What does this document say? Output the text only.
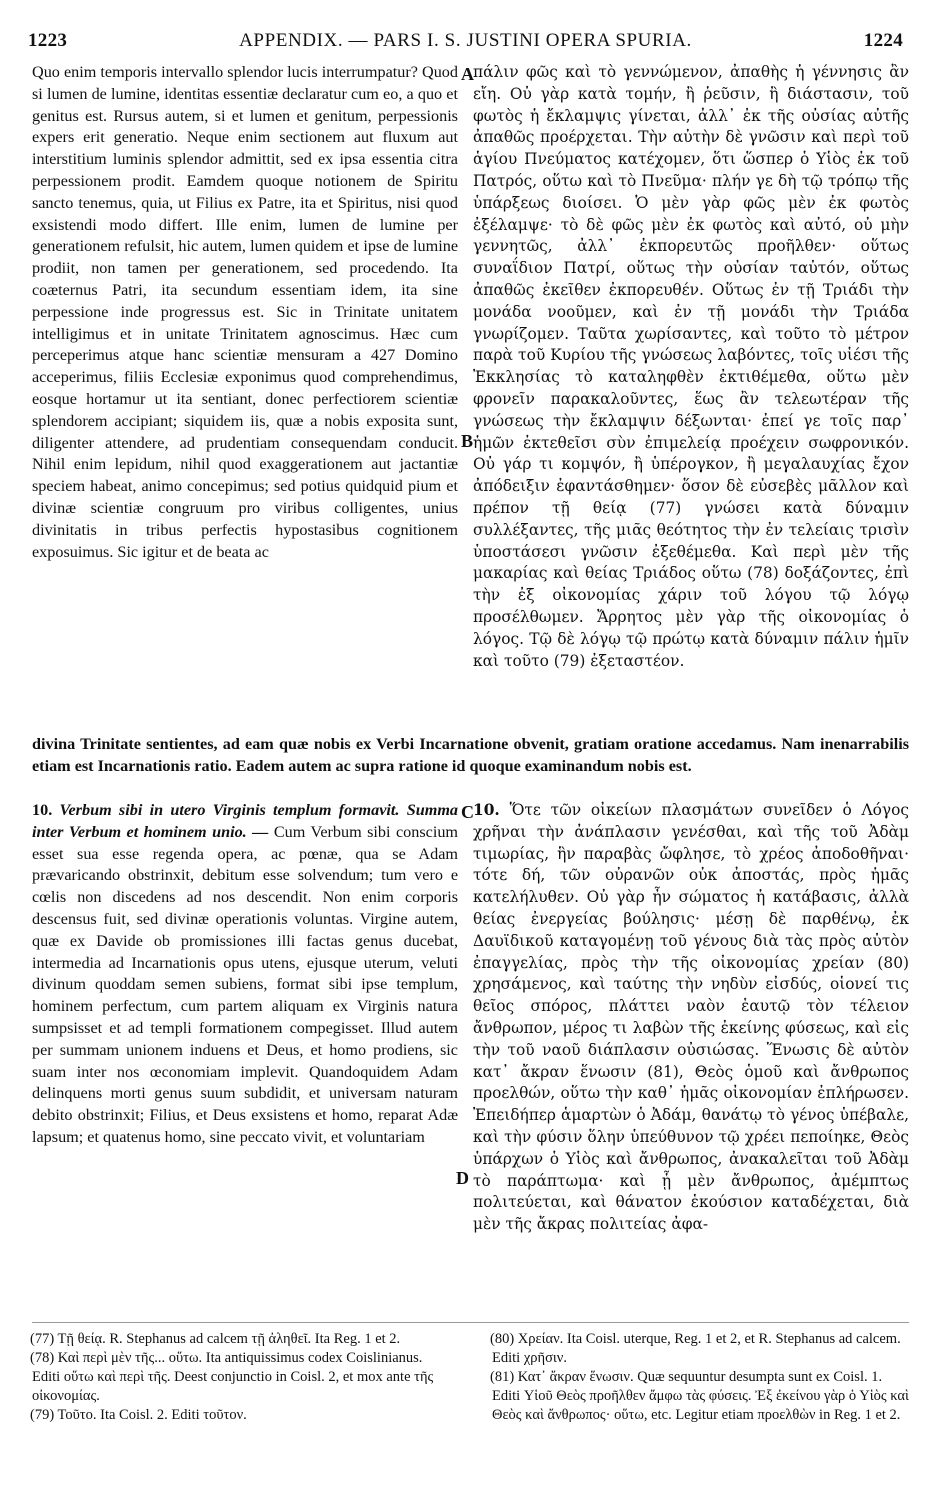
1223	APPENDIX. — PARS I. S. JUSTINI OPERA SPURIA.	1224
A
B
C
D

Quo enim temporis intervallo splendor lucis interrumpatur? Quod si lumen de lumine, identitas essentiæ declaratur cum eo, a quo et genitus est. Rursus autem, si et lumen et genitum, perpessionis expers erit generatio. Neque enim sectionem aut fluxum aut interstitium luminis splendor admittit, sed ex ipsa essentia citra perpessionem prodit. Eamdem quoque notionem de Spiritu sancto tenemus, quia, ut Filius ex Patre, ita et Spiritus, nisi quod exsistendi modo differt. Ille enim, lumen de lumine per generationem refulsit, hic autem, lumen quidem et ipse de lumine prodiit, non tamen per generationem, sed procedendo. Ita coæternus Patri, ita secundum essentiam idem, ita sine perpessione inde progressus est. Sic in Trinitate unitatem intelligimus et in unitate Trinitatem agnoscimus. Hæc cum perceperimus atque hanc scientiæ mensuram a 427 Domino acceperimus, filiis Ecclesiæ exponimus quod comprehendimus, eosque hortamur ut ita sentiant, donec perfectiorem scientiæ splendorem accipiant; siquidem iis, quæ a nobis exposita sunt, diligenter attendere, ad prudentiam consequendam conducit. Nihil enim lepidum, nihil quod exaggerationem aut jactantiæ speciem habeat, animo concepimus; sed potius quidquid pium et divinæ scientiæ congruum pro viribus colligentes, unius divinitatis in tribus perfectis hypostasibus cognitionem exposuimus. Sic igitur et de beata ac

πάλιν φῶς καὶ τὸ γεννώμενον, ἀπαθὴς ἡ γέννησις ἂν εἴη. Οὐ γὰρ κατὰ τομήν, ἢ ῥεῦσιν, ἢ διάστασιν, τοῦ φωτὸς ἡ ἔκλαμψις γίνεται, ἀλλ᾽ ἐκ τῆς οὐσίας αὐτῆς ἀπαθῶς προέρχεται. Τὴν αὐτὴν δὲ γνῶσιν καὶ περὶ τοῦ ἁγίου Πνεύματος κατέχομεν, ὅτι ὥσπερ ὁ Υἱὸς ἐκ τοῦ Πατρός, οὕτω καὶ τὸ Πνεῦμα· πλήν γε δὴ τῷ τρόπῳ τῆς ὑπάρξεως διοίσει. Ὁ μὲν γὰρ φῶς μὲν ἐκ φωτὸς ἐξέλαμψε· τὸ δὲ φῶς μὲν ἐκ φωτὸς καὶ αὐτό, οὐ μὴν γεννητῶς, ἀλλ᾽ ἐκπορευτῶς προῆλθεν· οὕτως συναΐδιον Πατρί, οὕτως τὴν οὐσίαν ταὐτόν, οὕτως ἀπαθῶς ἐκεῖθεν ἐκπορευθέν. Οὕτως ἐν τῇ Τριάδι τὴν μονάδα νοοῦμεν, καὶ ἐν τῇ μονάδι τὴν Τριάδα γνωρίζομεν. Ταῦτα χωρίσαντες, καὶ τοῦτο τὸ μέτρον παρὰ τοῦ Κυρίου τῆς γνώσεως λαβόντες, τοῖς υἱέσι τῆς Ἐκκλησίας τὸ καταληφθὲν ἐκτιθέμεθα, οὕτω μὲν φρονεῖν παρακαλοῦντες, ἕως ἂν τελεωτέραν τῆς γνώσεως τὴν ἔκλαμψιν δέξωνται· ἐπεί γε τοῖς παρ᾽ ἡμῶν ἐκτεθεῖσι σὺν ἐπιμελείᾳ προέχειν σωφρονικόν. Οὐ γάρ τι κομψόν, ἢ ὑπέρογκον, ἢ μεγαλαυχίας ἔχον ἀπόδειξιν ἐφαντάσθημεν· ὅσον δὲ εὐσεβὲς μᾶλλον καὶ πρέπον τῇ θείᾳ (77) γνώσει κατὰ δύναμιν συλλέξαντες, τῆς μιᾶς θεότητος τὴν ἐν τελείαις τρισὶν ὑποστάσεσι γνῶσιν ἐξεθέμεθα. Καὶ περὶ μὲν τῆς μακαρίας καὶ θείας Τριάδος οὕτω (78) δοξάζοντες, ἐπὶ τὴν ἐξ οἰκονομίας χάριν τοῦ λόγου τῷ λόγῳ προσέλθωμεν. Ἄρρητος μὲν γὰρ τῆς οἰκονομίας ὁ λόγος. Τῷ δὲ λόγῳ τῷ πρώτῳ κατὰ δύναμιν πάλιν ἡμῖν καὶ τοῦτο (79) ἐξεταστέον.

divina Trinitate sentientes, ad eam quæ nobis ex Verbi Incarnatione obvenit, gratiam oratione accedamus. Nam inenarrabilis etiam est Incarnationis ratio. Eadem autem ac supra ratione id quoque examinandum nobis est.

10. Verbum sibi in utero Virginis templum formavit. Summa inter Verbum et hominem unio. — Cum Verbum sibi conscium esset sua esse regenda opera, ac pœnæ, qua se Adam prævaricando obstrinxit, debitum esse solvendum; tum vero e cœlis non discedens ad nos descendit. Non enim corporis descensus fuit, sed divinæ operationis voluntas. Virgine autem, quæ ex Davide ob promissiones illi factas genus ducebat, intermedia ad Incarnationis opus utens, ejusque uterum, veluti divinum quoddam semen subiens, format sibi ipse templum, hominem perfectum, cum partem aliquam ex Virginis natura sumpsisset et ad templi formationem compegisset. Illud autem per summam unionem induens et Deus, et homo prodiens, sic suam inter nos œconomiam implevit. Quandoquidem Adam delinquens morti genus suum subdidit, et universam naturam debito obstrinxit; Filius, et Deus exsistens et homo, reparat Adæ lapsum; et quatenus homo, sine peccato vivit, et voluntariam

10. Ὅτε τῶν οἰκείων πλασμάτων συνεῖδεν ὁ Λόγος χρῆναι τὴν ἀνάπλασιν γενέσθαι, καὶ τῆς τοῦ Ἀδὰμ τιμωρίας, ἣν παραβὰς ὤφλησε, τὸ χρέος ἀποδοθῆναι· τότε δή, τῶν οὐρανῶν οὐκ ἀποστάς, πρὸς ἡμᾶς κατελήλυθεν. Οὐ γὰρ ἦν σώματος ἡ κατάβασις, ἀλλὰ θείας ἐνεργείας βούλησις· μέσῃ δὲ παρθένῳ, ἐκ Δαυϊδικοῦ καταγομένῃ τοῦ γένους διὰ τὰς πρὸς αὐτὸν ἐπαγγελίας, πρὸς τὴν τῆς οἰκονομίας χρείαν (80) χρησάμενος, καὶ ταύτης τὴν νηδὺν εἰσδύς, οἱονεί τις θεῖος σπόρος, πλάττει ναὸν ἑαυτῷ τὸν τέλειον ἄνθρωπον, μέρος τι λαβὼν τῆς ἐκείνης φύσεως, καὶ εἰς τὴν τοῦ ναοῦ διάπλασιν οὐσιώσας. Ἕνωσις δὲ αὐτὸν κατ᾽ ἄκραν ἕνωσιν (81), Θεὸς ὁμοῦ καὶ ἄνθρωπος προελθών, οὕτω τὴν καθ᾽ ἡμᾶς οἰκονομίαν ἐπλήρωσεν. Ἐπειδήπερ ἁμαρτὼν ὁ Ἀδάμ, θανάτῳ τὸ γένος ὑπέβαλε, καὶ τὴν φύσιν ὅλην ὑπεύθυνον τῷ χρέει πεποίηκε, Θεὸς ὑπάρχων ὁ Υἱὸς καὶ ἄνθρωπος, ἀνακαλεῖται τοῦ Ἀδὰμ τὸ παράπτωμα· καὶ ᾗ μὲν ἄνθρωπος, ἀμέμπτως πολιτεύεται, καὶ θάνατον ἑκούσιον καταδέχεται, διὰ μὲν τῆς ἄκρας πολιτείας ἀφα-

(77) Τῇ θείᾳ. R. Stephanus ad calcem τῇ ἀληθεῖ. Ita Reg. 1 et 2.

(78) Καὶ περὶ μὲν τῆς... οὕτω. Ita antiquissimus codex Coislinianus. Editi οὕτω καὶ περὶ τῆς. Deest conjunctio in Coisl. 2, et mox ante τῆς οἰκονομίας.

(79) Τοῦτο. Ita Coisl. 2. Editi τοῦτον.

(80) Χρείαν. Ita Coisl. uterque, Reg. 1 et 2, et R. Stephanus ad calcem. Editi χρῆσιν.

(81) Κατ᾽ ἄκραν ἕνωσιν. Quæ sequuntur desumpta sunt ex Coisl. 1. Editi Υἱοῦ Θεὸς προῆλθεν ἄμφω τὰς φύσεις. Ἐξ ἐκείνου γὰρ ὁ Υἱὸς καὶ Θεὸς καὶ ἄνθρωπος· οὕτω, etc. Legitur etiam προελθὼν in Reg. 1 et 2.
